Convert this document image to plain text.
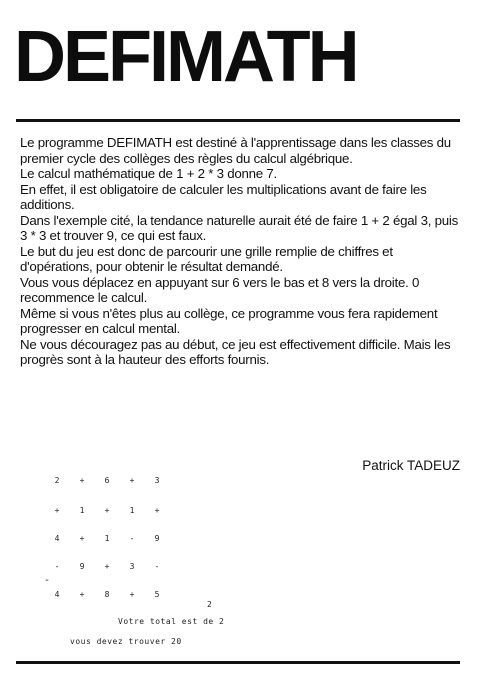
DEFIMATH

Le programme DEFIMATH est destiné à l'apprentissage dans les classes du premier cycle des collèges des règles du calcul algébrique.

Le calcul mathématique de 1 + 2 * 3 donne 7.

En effet, il est obligatoire de calculer les multiplications avant de faire les additions.

Dans l'exemple cité, la tendance naturelle aurait été de faire 1 + 2 égal 3, puis 3 * 3 et trouver 9, ce qui est faux.

Le but du jeu est donc de parcourir une grille remplie de chiffres et d'opérations, pour obtenir le résultat demandé.

Vous vous déplacez en appuyant sur 6 vers le bas et 8 vers la droite. 0 recommence le calcul.

Même si vous n'êtes plus au collège, ce programme vous fera rapidement progresser en calcul mental.

Ne vous découragez pas au début, ce jeu est effectivement difficile. Mais les progrès sont à la hauteur des efforts fournis.

Patrick TADEUZ
2	+	6	+	3
+	1	+	1	+
4	+	1	-	9
-	9	+	3	-
-
4	+	8	+	5
2
Votre total est de 2
vous devez trouver 20
